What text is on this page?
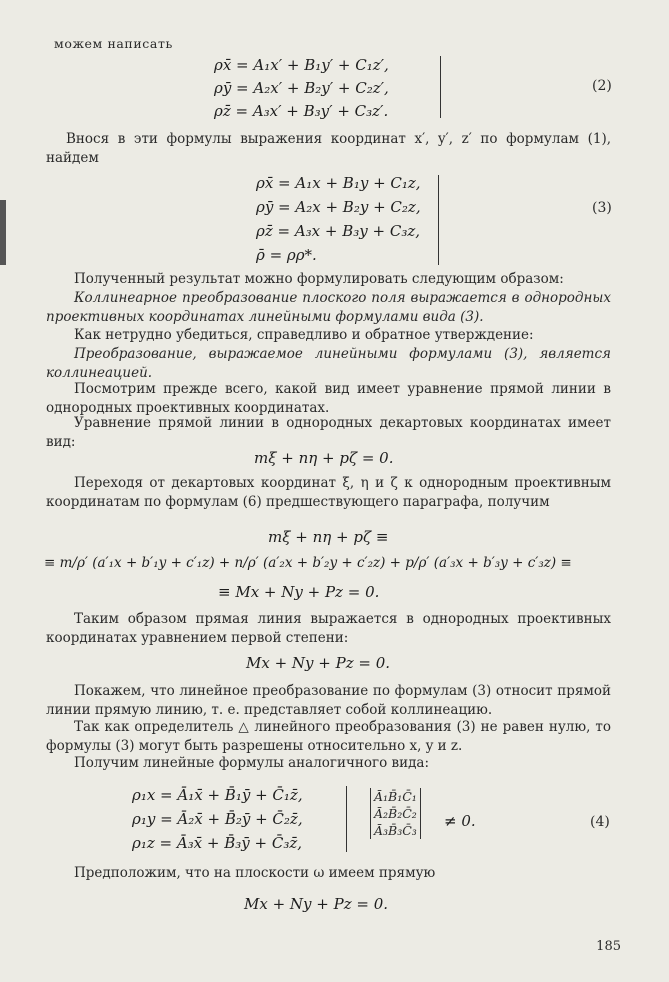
можем написать
ρx̄ = A₁x′ + B₁y′ + C₁z′,
ρȳ = A₂x′ + B₂y′ + C₂z′,
ρz̄ = A₃x′ + B₃y′ + C₃z′.
(2)
Внося в эти формулы выражения координат x′, y′, z′ по формулам (1), найдем
ρx̄ = A₁x + B₁y + C₁z,
ρȳ = A₂x + B₂y + C₂z,
ρz̄ = A₃x + B₃y + C₃z,
ρ̄ = ρρ*.
(3)
Полученный результат можно формулировать следующим образом:
Коллинеарное преобразование плоского поля выражается в однородных проективных координатах линейными формулами вида (3).
Как нетрудно убедиться, справедливо и обратное утверждение:
Преобразование, выражаемое линейными формулами (3), является коллинеацией.
Посмотрим прежде всего, какой вид имеет уравнение прямой линии в однородных проективных координатах.
Уравнение прямой линии в однородных декартовых координатах имеет вид:
mξ + nη + pζ = 0.
Переходя от декартовых координат ξ, η и ζ к однородным проективным координатам по формулам (6) предшествующего параграфа, получим
mξ + nη + pζ ≡
≡ m/ρ′ (a′₁x + b′₁y + c′₁z) + n/ρ′ (a′₂x + b′₂y + c′₂z) + p/ρ′ (a′₃x + b′₃y + c′₃z) ≡
≡ Mx + Ny + Pz = 0.
Таким образом прямая линия выражается в однородных проективных координатах уравнением первой степени:
Mx + Ny + Pz = 0.
Покажем, что линейное преобразование по формулам (3) относит прямой линии прямую линию, т. е. представляет собой коллинеацию.
Так как определитель △ линейного преобразования (3) не равен нулю, то формулы (3) могут быть разрешены относительно x, y и z.
Получим линейные формулы аналогичного вида:
ρ₁x = Ā₁x̄ + B̄₁ȳ + C̄₁z̄,
ρ₁y = Ā₂x̄ + B̄₂ȳ + C̄₂z̄,
ρ₁z = Ā₃x̄ + B̄₃ȳ + C̄₃z̄,
Ā₁B̄₁C̄₁
Ā₂B̄₂C̄₂
Ā₃B̄₃C̄₃
≠ 0.	(4)
Предположим, что на плоскости ω имеем прямую
Mx + Ny + Pz = 0.
185
